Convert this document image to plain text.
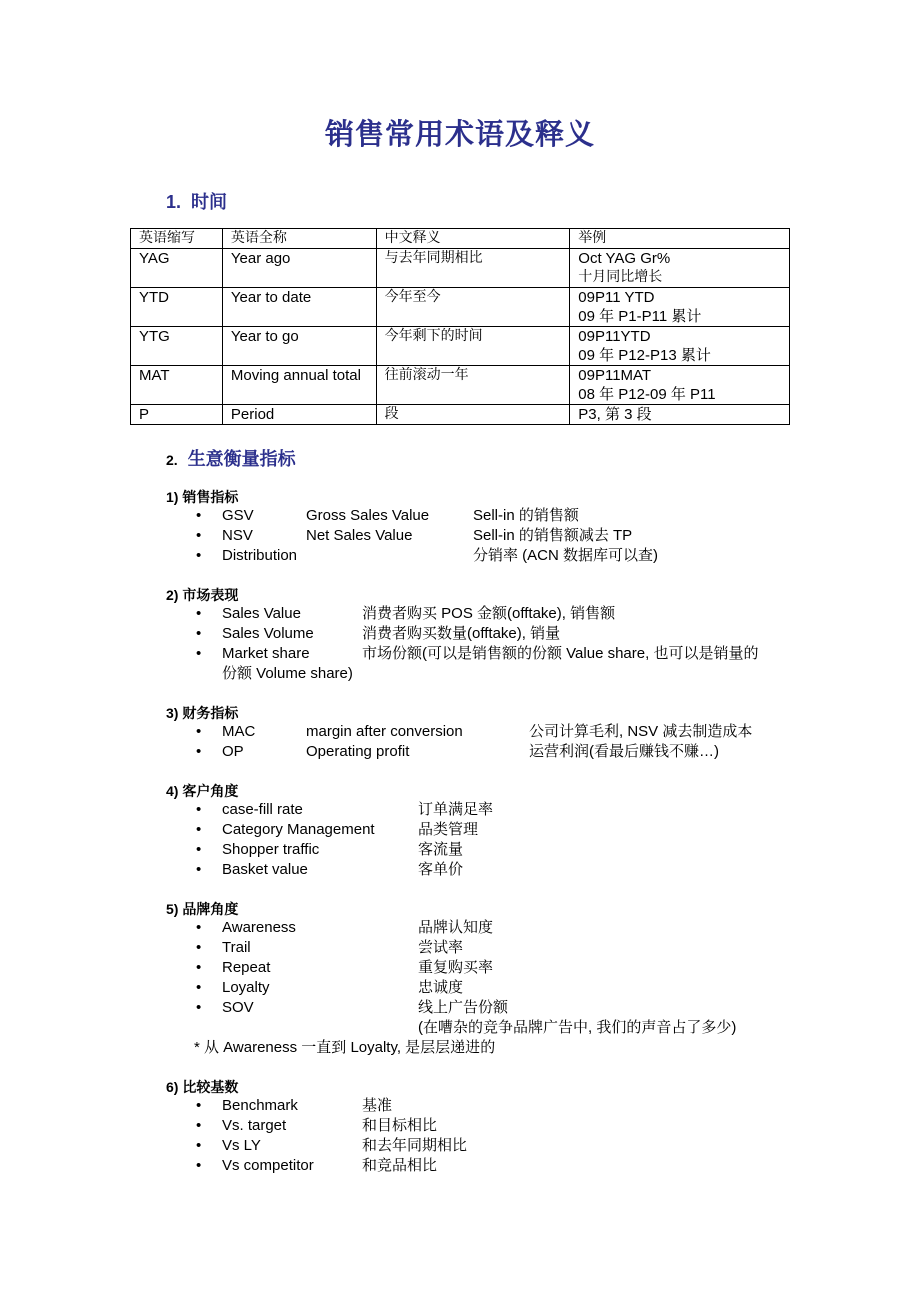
销售常用术语及释义
1. 时间
英语缩写	英语全称	中文释义	举例
YAG	Year ago	与去年同期相比	Oct YAG Gr%
十月同比增长

YTD	Year to date	今年至今	09P11 YTD
09 年 P1-P11 累计

YTG	Year to go	今年剩下的时间	09P11YTD
09 年 P12-P13 累计

MAT	Moving annual total	往前滚动一年	09P11MAT
08 年 P12-09 年 P11

P	Period	段	P3, 第 3 段
2. 生意衡量指标
1) 销售指标
• GSV	Gross Sales Value	Sell-in 的销售额
• NSV	Net Sales Value	Sell-in 的销售额减去 TP
• Distribution	分销率 (ACN 数据库可以查)
2) 市场表现
• Sales Value	消费者购买 POS 金额(offtake), 销售额
• Sales Volume	消费者购买数量(offtake), 销量
• Market share	市场份额(可以是销售额的份额 Value share, 也可以是销量的
份额 Volume share)
3) 财务指标
• MAC	margin after conversion	公司计算毛利, NSV 减去制造成本
• OP	Operating profit	运营利润(看最后赚钱不赚…)
4) 客户角度
• case-fill rate	订单满足率
• Category Management	品类管理
• Shopper traffic	客流量
• Basket value	客单价
5) 品牌角度
• Awareness	品牌认知度
• Trail	尝试率
• Repeat	重复购买率
• Loyalty	忠诚度
• SOV	线上广告份额
(在嘈杂的竞争品牌广告中, 我们的声音占了多少)
* 从 Awareness 一直到 Loyalty, 是层层递进的
6) 比较基数
• Benchmark	基准
• Vs. target	和目标相比
• Vs LY	和去年同期相比
• Vs competitor	和竞品相比
